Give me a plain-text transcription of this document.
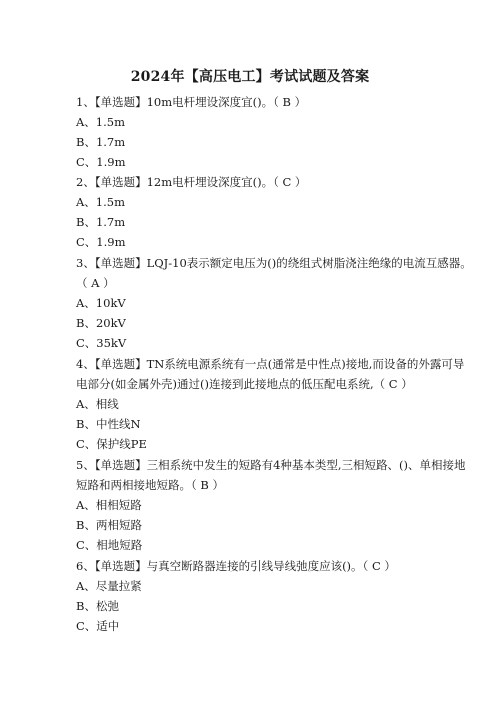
2024年【高压电工】考试试题及答案
1、【单选题】10m电杆埋设深度宜()。（ B ）
A、1.5m
B、1.7m
C、1.9m
2、【单选题】12m电杆埋设深度宜()。（ C ）
A、1.5m
B、1.7m
C、1.9m
3、【单选题】LQJ-10表示额定电压为()的绕组式树脂浇注绝缘的电流互感器。
（ A ）
A、10kV
B、20kV
C、35kV
4、【单选题】TN系统电源系统有一点(通常是中性点)接地,而设备的外露可导
电部分(如金属外壳)通过()连接到此接地点的低压配电系统,（ C ）
A、相线
B、中性线N
C、保护线PE
5、【单选题】三相系统中发生的短路有4种基本类型,三相短路、()、单相接地
短路和两相接地短路。（ B ）
A、相相短路
B、两相短路
C、相地短路
6、【单选题】与真空断路器连接的引线导线弛度应该()。（ C ）
A、尽量拉紧
B、松弛
C、适中
